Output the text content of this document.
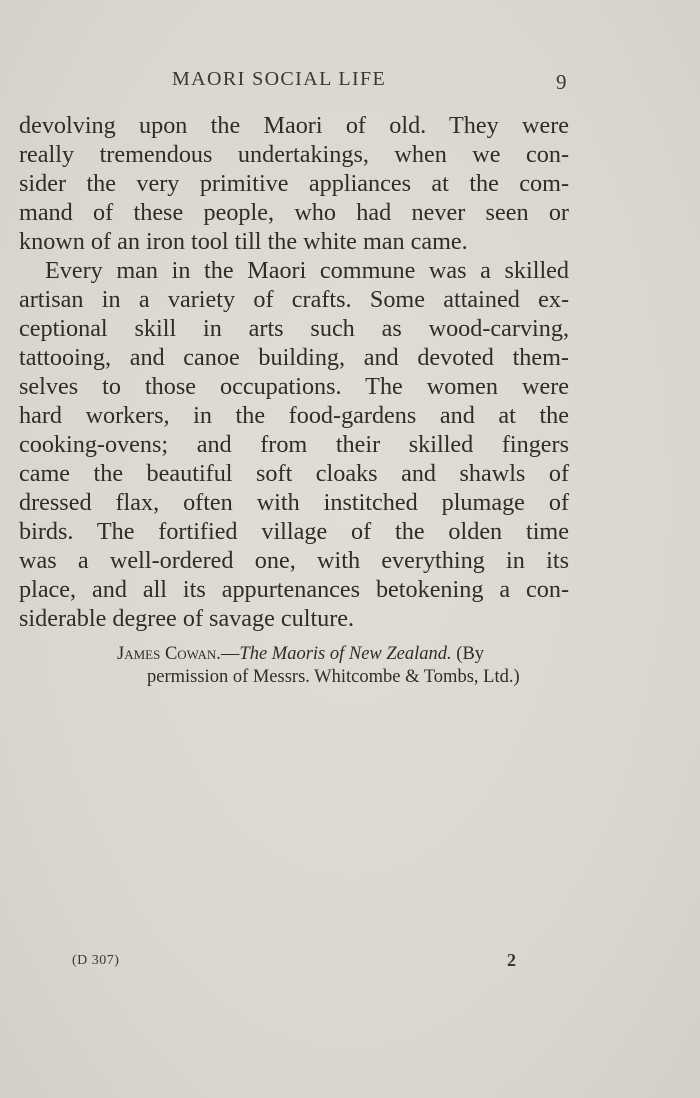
MAORI SOCIAL LIFE	9
devolving upon the Maori of old. They were
really tremendous undertakings, when we con-
sider the very primitive appliances at the com-
mand of these people, who had never seen or
known of an iron tool till the white man came.
Every man in the Maori commune was a skilled
artisan in a variety of crafts. Some attained ex-
ceptional skill in arts such as wood-carving,
tattooing, and canoe building, and devoted them-
selves to those occupations. The women were
hard workers, in the food-gardens and at the
cooking-ovens; and from their skilled fingers
came the beautiful soft cloaks and shawls of
dressed flax, often with institched plumage of
birds. The fortified village of the olden time
was a well-ordered one, with everything in its
place, and all its appurtenances betokening a con-
siderable degree of savage culture.
James Cowan.—The Maoris of New Zealand. (By
permission of Messrs. Whitcombe & Tombs, Ltd.)
(D 307)	2
